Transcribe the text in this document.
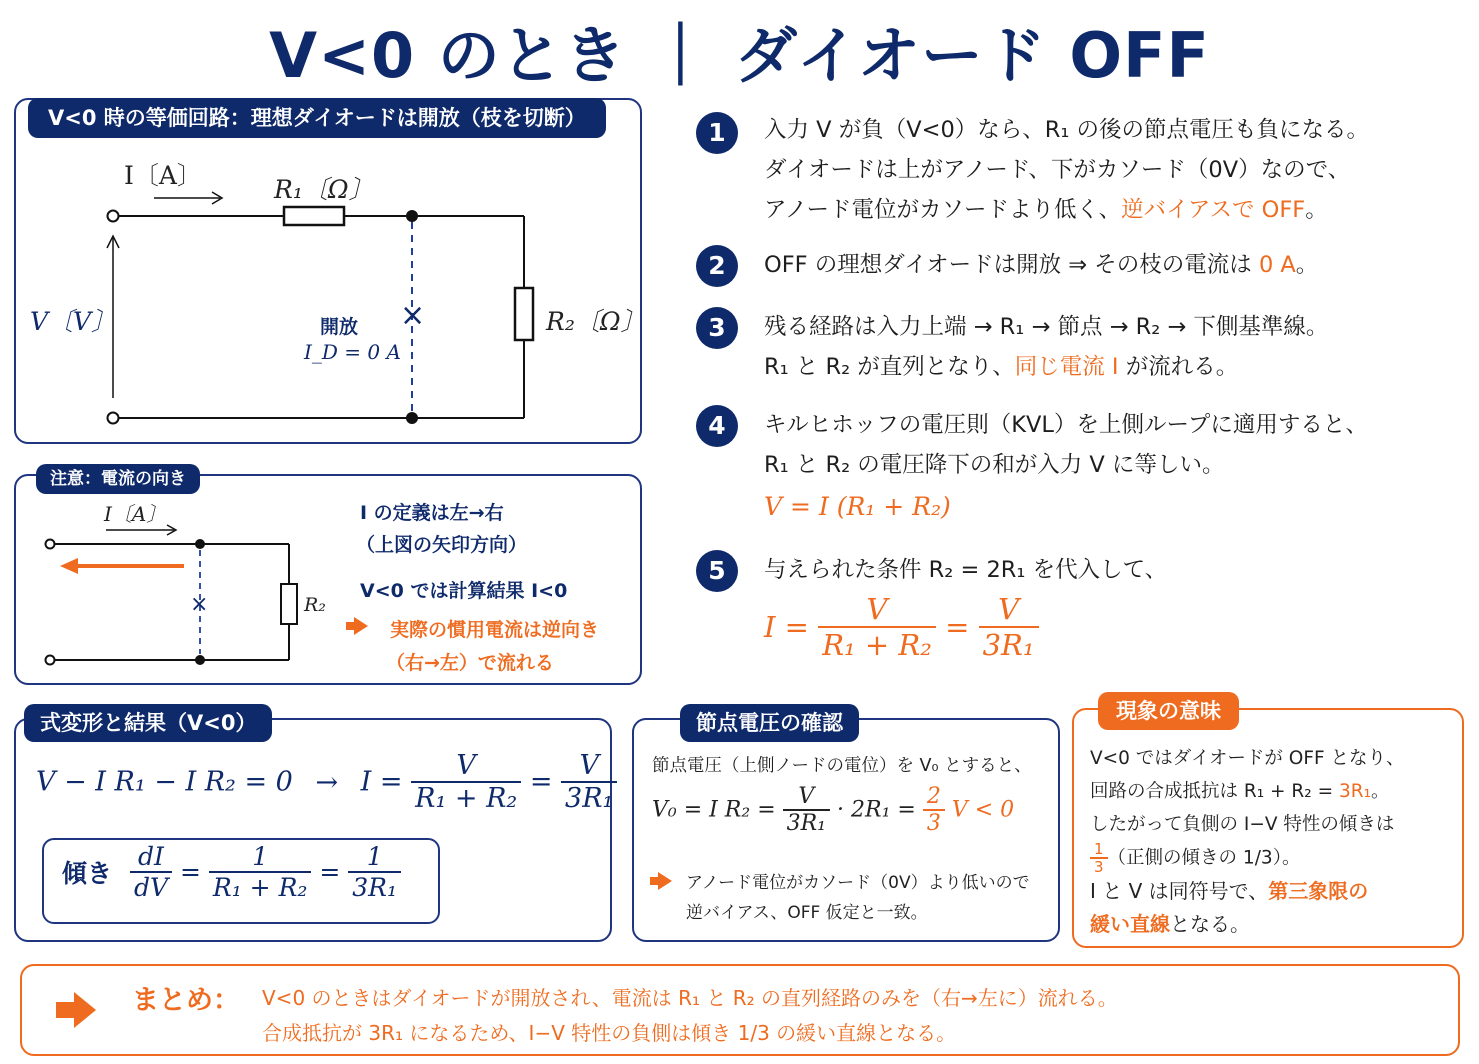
V<0 のとき ｜ ダイオード OFF
V<0 時の等価回路：理想ダイオードは開放（枝を切断）
I〔A〕	R₁〔Ω〕
R₂〔Ω〕
V〔V〕	開放
I_D = 0 A
×
注意：電流の向き
I〔A〕
×	R₂
I の定義は左→右
（上図の矢印方向）
V<0 では計算結果 I<0
実際の慣用電流は逆向き
（右→左）で流れる
1	入力 V が負（V<0）なら、R₁ の後の節点電圧も負になる。
ダイオードは上がアノード、下がカソード（0V）なので、
アノード電位がカソードより低く、逆バイアスで OFF。
2	OFF の理想ダイオードは開放 ⇒ その枝の電流は 0 A。
3	残る経路は入力上端 → R₁ → 節点 → R₂ → 下側基準線。
R₁ と R₂ が直列となり、同じ電流 I が流れる。
4	キルヒホッフの電圧則（KVL）を上側ループに適用すると、
R₁ と R₂ の電圧降下の和が入力 V に等しい。
V = I (R₁ + R₂)
5	与えられた条件 R₂ = 2R₁ を代入して、
$I = \frac{V}{\text{R₁ + R₂}} = \frac{V}{\text{3R₁}}$
式変形と結果（V<0）
V − I R₁ − I $R_2 = 0 \to I = \frac{V}{\text{R₁ + R₂}} = \frac{V}{\text{3R₁}}$
傾き $\frac{dI}{dV} = \frac{1}{\text{R₁ + R₂}} = \frac{1}{\text{3R₁}}$
節点電圧の確認
節点電圧（上側ノードの電位）を V₀ とすると、
V₀ = I $R_2 = \frac{V}{\text{3R₁}} \cdot 2R_1 = \frac{2}{3}$ V < 0
アノード電位がカソード（0V）より低いので
逆バイアス、OFF 仮定と一致。
現象の意味
V<0 ではダイオードが OFF となり、
回路の合成抵抗は R₁ + R₂ = 3R₁。
したがって負側の I−V 特性の傾きは
$\frac{1}{3}$ （正側の傾きの 1/3）。
I と V は同符号で、第三象限の
緩い直線となる。
まとめ： V<0 のときはダイオードが開放され、電流は R₁ と R₂ の直列経路のみを（右→左に）流れる。
合成抵抗が 3R₁ になるため、I−V 特性の負側は傾き 1/3 の緩い直線となる。
